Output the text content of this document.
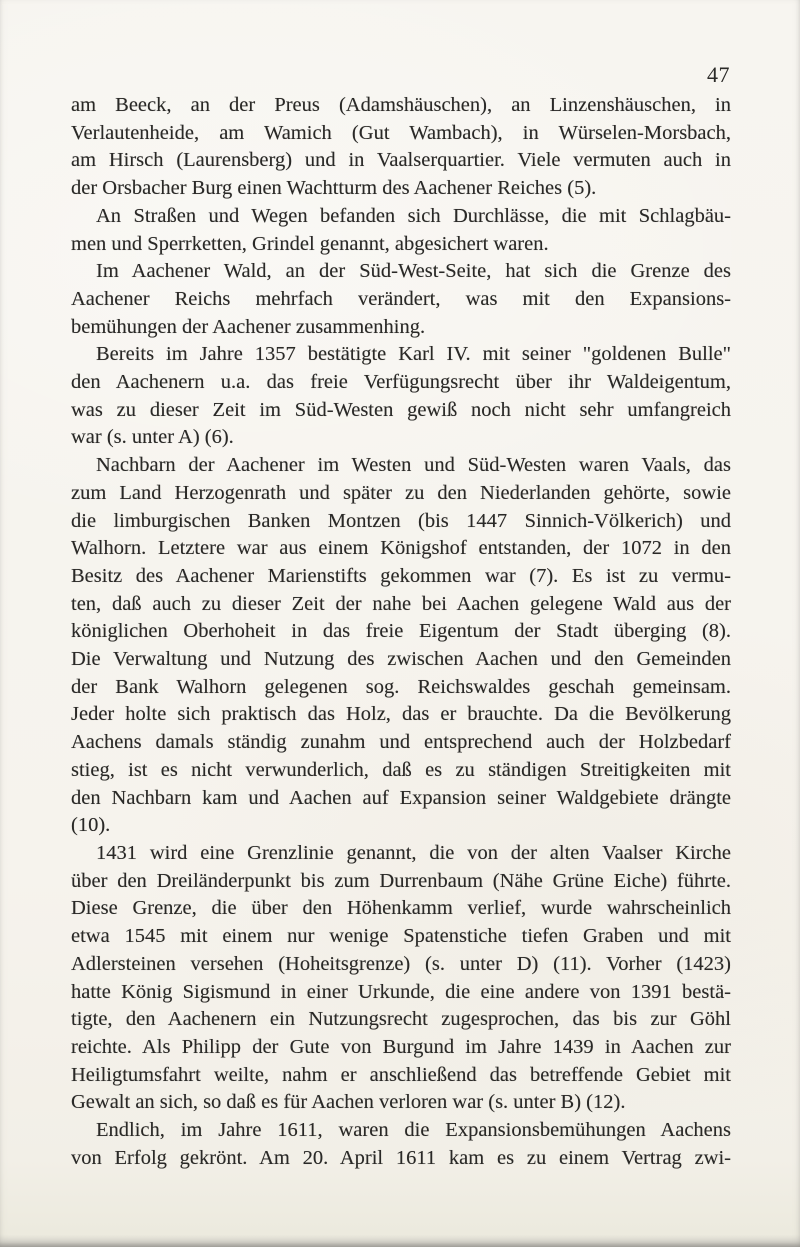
47
am Beeck, an der Preus (Adamshäuschen), an Linzenshäuschen, in
Verlautenheide, am Wamich (Gut Wambach), in Würselen-Morsbach,
am Hirsch (Laurensberg) und in Vaalserquartier. Viele vermuten auch in
der Orsbacher Burg einen Wachtturm des Aachener Reiches (5).
An Straßen und Wegen befanden sich Durchlässe, die mit Schlagbäu-
men und Sperrketten, Grindel genannt, abgesichert waren.
Im Aachener Wald, an der Süd-West-Seite, hat sich die Grenze des
Aachener Reichs mehrfach verändert, was mit den Expansions-
bemühungen der Aachener zusammenhing.
Bereits im Jahre 1357 bestätigte Karl IV. mit seiner "goldenen Bulle"
den Aachenern u.a. das freie Verfügungsrecht über ihr Waldeigentum,
was zu dieser Zeit im Süd-Westen gewiß noch nicht sehr umfangreich
war (s. unter A) (6).
Nachbarn der Aachener im Westen und Süd-Westen waren Vaals, das
zum Land Herzogenrath und später zu den Niederlanden gehörte, sowie
die limburgischen Banken Montzen (bis 1447 Sinnich-Völkerich) und
Walhorn. Letztere war aus einem Königshof entstanden, der 1072 in den
Besitz des Aachener Marienstifts gekommen war (7). Es ist zu vermu-
ten, daß auch zu dieser Zeit der nahe bei Aachen gelegene Wald aus der
königlichen Oberhoheit in das freie Eigentum der Stadt überging (8).
Die Verwaltung und Nutzung des zwischen Aachen und den Gemeinden
der Bank Walhorn gelegenen sog. Reichswaldes geschah gemeinsam.
Jeder holte sich praktisch das Holz, das er brauchte. Da die Bevölkerung
Aachens damals ständig zunahm und entsprechend auch der Holzbedarf
stieg, ist es nicht verwunderlich, daß es zu ständigen Streitigkeiten mit
den Nachbarn kam und Aachen auf Expansion seiner Waldgebiete drängte
(10).
1431 wird eine Grenzlinie genannt, die von der alten Vaalser Kirche
über den Dreiländerpunkt bis zum Durrenbaum (Nähe Grüne Eiche) führte.
Diese Grenze, die über den Höhenkamm verlief, wurde wahrscheinlich
etwa 1545 mit einem nur wenige Spatenstiche tiefen Graben und mit
Adlersteinen versehen (Hoheitsgrenze) (s. unter D) (11). Vorher (1423)
hatte König Sigismund in einer Urkunde, die eine andere von 1391 bestä-
tigte, den Aachenern ein Nutzungsrecht zugesprochen, das bis zur Göhl
reichte. Als Philipp der Gute von Burgund im Jahre 1439 in Aachen zur
Heiligtumsfahrt weilte, nahm er anschließend das betreffende Gebiet mit
Gewalt an sich, so daß es für Aachen verloren war (s. unter B) (12).
Endlich, im Jahre 1611, waren die Expansionsbemühungen Aachens
von Erfolg gekrönt. Am 20. April 1611 kam es zu einem Vertrag zwi-
